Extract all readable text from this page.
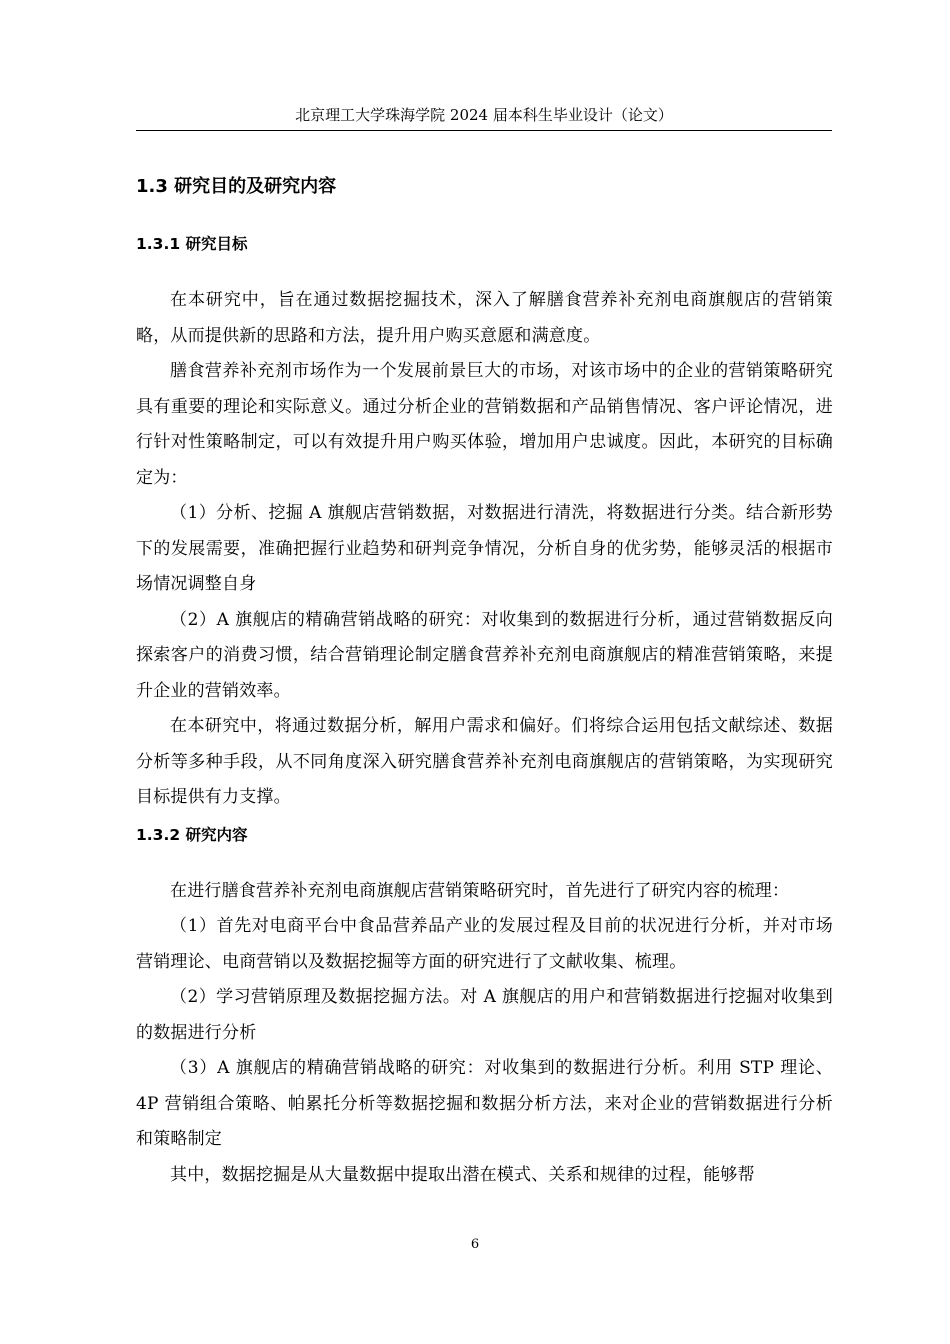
北京理工大学珠海学院 2024 届本科生毕业设计（论文）
1.3 研究目的及研究内容
1.3.1 研究目标

在本研究中，旨在通过数据挖掘技术，深入了解膳食营养补充剂电商旗舰店的营销策略，从而提供新的思路和方法，提升用户购买意愿和满意度。

膳食营养补充剂市场作为一个发展前景巨大的市场，对该市场中的企业的营销策略研究具有重要的理论和实际意义。通过分析企业的营销数据和产品销售情况、客户评论情况，进行针对性策略制定，可以有效提升用户购买体验，增加用户忠诚度。因此，本研究的目标确定为：

（1）分析、挖掘 A 旗舰店营销数据，对数据进行清洗，将数据进行分类。结合新形势下的发展需要，准确把握行业趋势和研判竞争情况，分析自身的优劣势，能够灵活的根据市场情况调整自身

（2）A 旗舰店的精确营销战略的研究：对收集到的数据进行分析，通过营销数据反向探索客户的消费习惯，结合营销理论制定膳食营养补充剂电商旗舰店的精准营销策略，来提升企业的营销效率。

在本研究中，将通过数据分析，解用户需求和偏好。们将综合运用包括文献综述、数据分析等多种手段，从不同角度深入研究膳食营养补充剂电商旗舰店的营销策略，为实现研究目标提供有力支撑。

1.3.2 研究内容

在进行膳食营养补充剂电商旗舰店营销策略研究时，首先进行了研究内容的梳理：

（1）首先对电商平台中食品营养品产业的发展过程及目前的状况进行分析，并对市场营销理论、电商营销以及数据挖掘等方面的研究进行了文献收集、梳理。

（2）学习营销原理及数据挖掘方法。对 A 旗舰店的用户和营销数据进行挖掘对收集到的数据进行分析

（3）A 旗舰店的精确营销战略的研究：对收集到的数据进行分析。利用 STP 理论、4P 营销组合策略、帕累托分析等数据挖掘和数据分析方法，来对企业的营销数据进行分析和策略制定

其中，数据挖掘是从大量数据中提取出潜在模式、关系和规律的过程，能够帮

6
